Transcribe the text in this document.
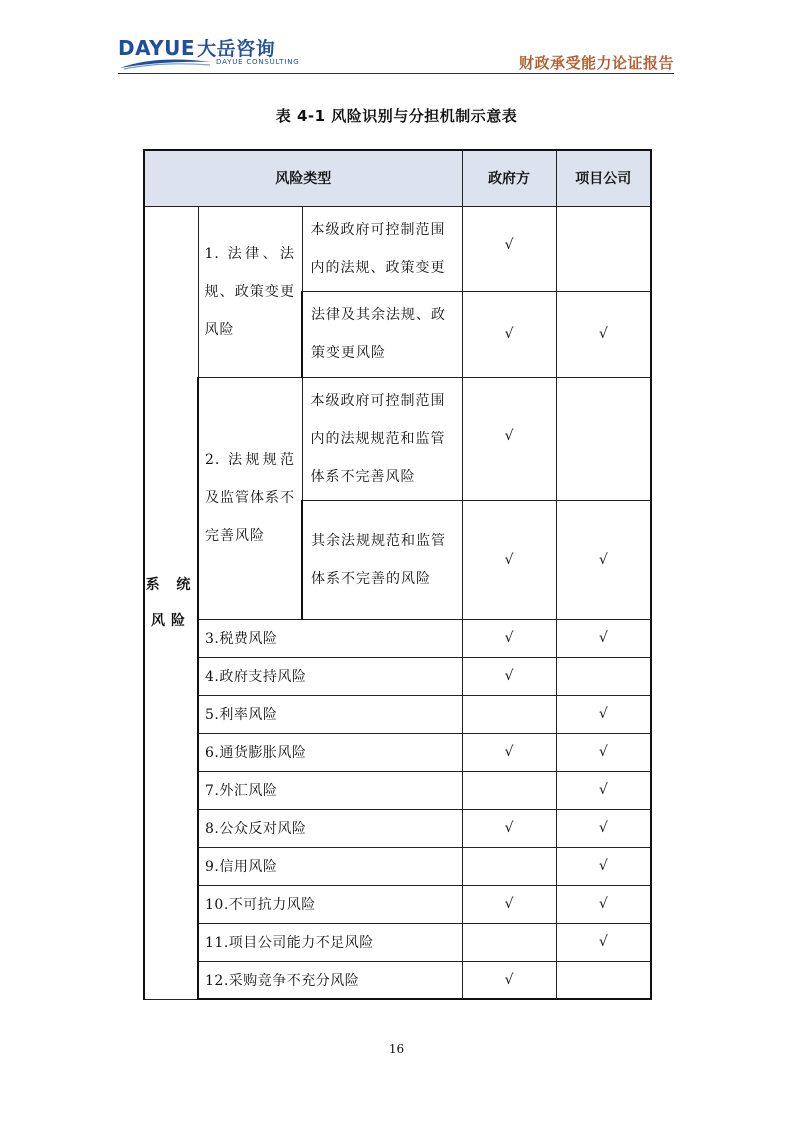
DAYUE 大岳咨询
DAYUE CONSULTING	财政承受能力论证报告
表 4-1 风险识别与分担机制示意表
风险类型			政府方	项目公司
系 统 风险	1. 法律、法规、政策变更风险	本级政府可控制范围内的法规、政策变更	√	
		法律及其余法规、政策变更风险	√	√
	2. 法规规范及监管体系不完善风险	本级政府可控制范围内的法规规范和监管体系不完善风险	√	
		其余法规规范和监管体系不完善的风险	√	√
	3.税费风险		√	√
	4.政府支持风险		√	
	5.利率风险			√
	6.通货膨胀风险		√	√
	7.外汇风险			√
	8.公众反对风险		√	√
	9.信用风险			√
	10.不可抗力风险		√	√
	11.项目公司能力不足风险			√
	12.采购竞争不充分风险		√	
16
